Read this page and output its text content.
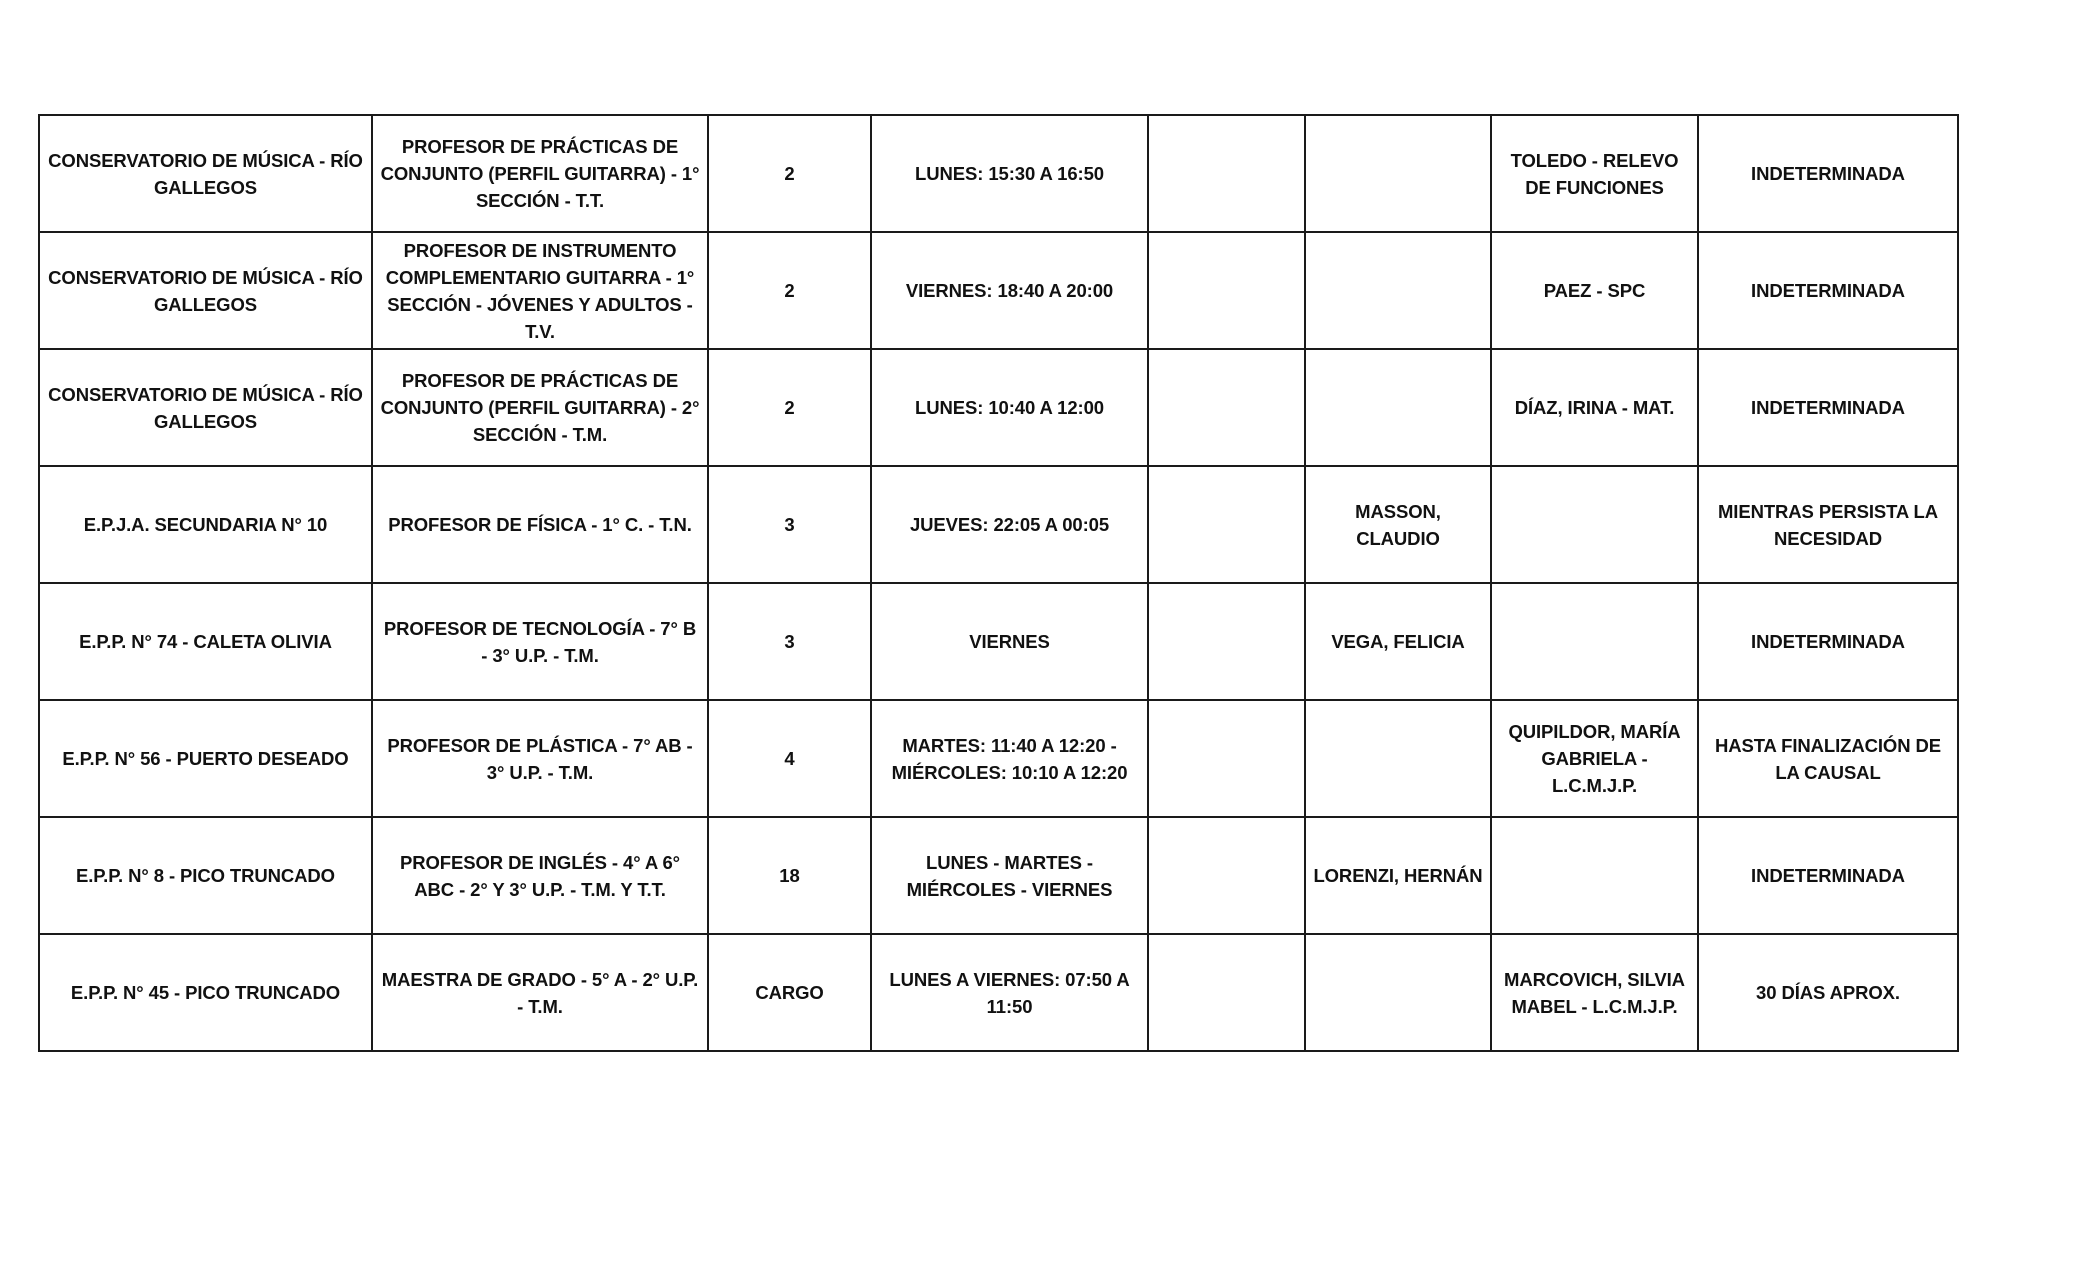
CONSERVATORIO DE MÚSICA - RÍO GALLEGOS	PROFESOR DE PRÁCTICAS DE CONJUNTO (PERFIL GUITARRA) - 1° SECCIÓN - T.T.	2	LUNES: 15:30 A 16:50			TOLEDO - RELEVO DE FUNCIONES	INDETERMINADA
CONSERVATORIO DE MÚSICA - RÍO GALLEGOS	PROFESOR DE INSTRUMENTO COMPLEMENTARIO GUITARRA - 1° SECCIÓN - JÓVENES Y ADULTOS - T.V.	2	VIERNES: 18:40 A 20:00			PAEZ - SPC	INDETERMINADA
CONSERVATORIO DE MÚSICA - RÍO GALLEGOS	PROFESOR DE PRÁCTICAS DE CONJUNTO (PERFIL GUITARRA) - 2° SECCIÓN - T.M.	2	LUNES: 10:40 A 12:00			DÍAZ, IRINA - MAT.	INDETERMINADA
E.P.J.A. SECUNDARIA N° 10	PROFESOR DE FÍSICA - 1° C. - T.N.	3	JUEVES: 22:05 A 00:05		MASSON, CLAUDIO		MIENTRAS PERSISTA LA NECESIDAD
E.P.P. N° 74 - CALETA OLIVIA	PROFESOR DE TECNOLOGÍA - 7° B - 3° U.P. - T.M.	3	VIERNES		VEGA, FELICIA		INDETERMINADA
E.P.P. N° 56 - PUERTO DESEADO	PROFESOR DE PLÁSTICA - 7° AB - 3° U.P. - T.M.	4	MARTES: 11:40 A 12:20 - MIÉRCOLES: 10:10 A 12:20			QUIPILDOR, MARÍA GABRIELA - L.C.M.J.P.	HASTA FINALIZACIÓN DE LA CAUSAL
E.P.P. N° 8 - PICO TRUNCADO	PROFESOR DE INGLÉS - 4° A 6° ABC - 2° Y 3° U.P. - T.M. Y T.T.	18	LUNES - MARTES - MIÉRCOLES - VIERNES		LORENZI, HERNÁN		INDETERMINADA
E.P.P. N° 45 - PICO TRUNCADO	MAESTRA DE GRADO - 5° A - 2° U.P. - T.M.	CARGO	LUNES A VIERNES: 07:50 A 11:50			MARCOVICH, SILVIA MABEL - L.C.M.J.P.	30 DÍAS APROX.
